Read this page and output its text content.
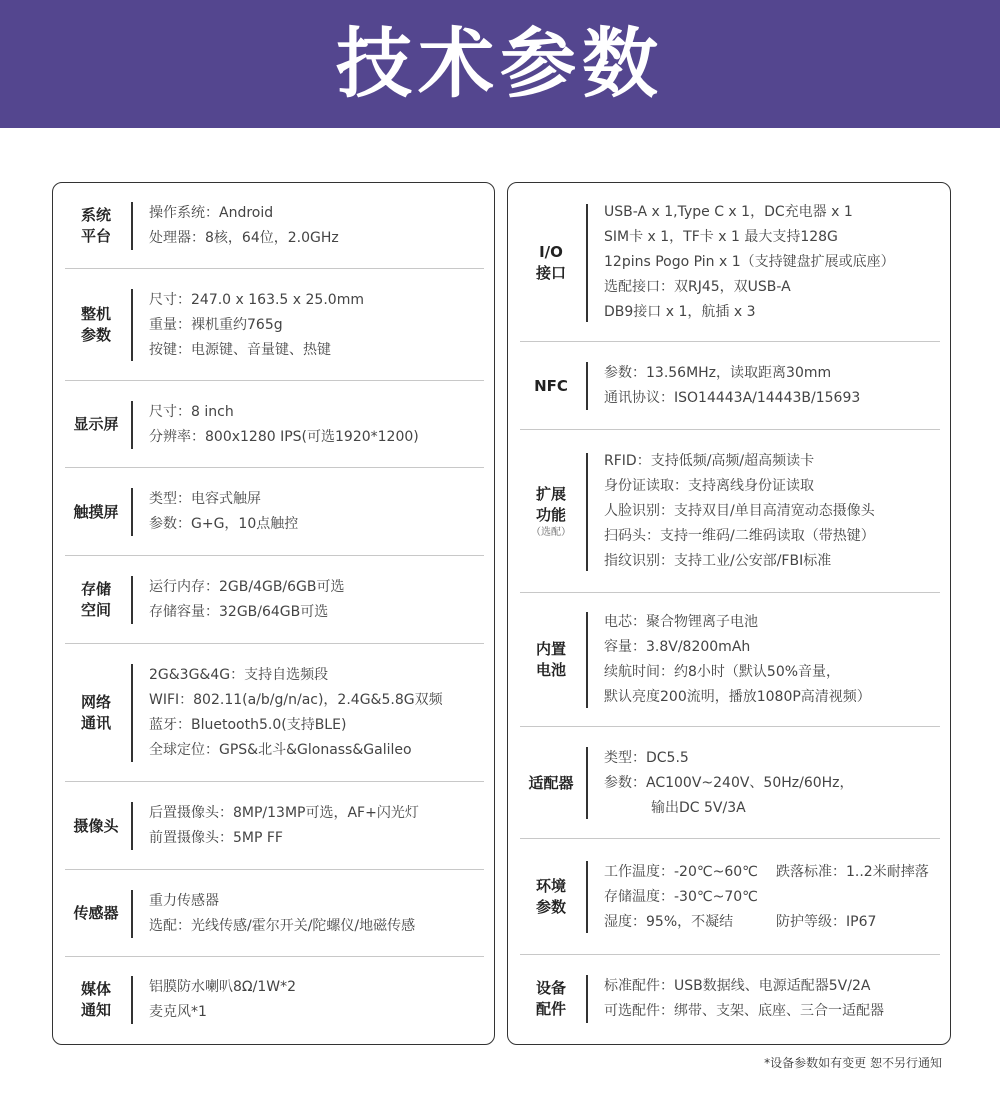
技术参数
系统
平台
操作系统：Android
处理器：8核，64位，2.0GHz
整机
参数
尺寸：247.0 x 163.5 x 25.0mm
重量：裸机重约765g
按键：电源键、音量键、热键
显示屏
尺寸：8 inch
分辨率：800x1280 IPS(可选1920*1200)
触摸屏
类型：电容式触屏
参数：G+G，10点触控
存储
空间
运行内存：2GB/4GB/6GB可选
存储容量：32GB/64GB可选
网络
通讯
2G&3G&4G：支持自选频段
WIFI：802.11(a/b/g/n/ac)，2.4G&5.8G双频
蓝牙：Bluetooth5.0(支持BLE)
全球定位：GPS&北斗&Glonass&Galileo
摄像头
后置摄像头：8MP/13MP可选，AF+闪光灯
前置摄像头：5MP FF
传感器
重力传感器
选配：光线传感/霍尔开关/陀螺仪/地磁传感
媒体
通知
铝膜防水喇叭8Ω/1W*2
麦克风*1
I/O
接口
USB-A x 1,Type C x 1，DC充电器 x 1
SIM卡 x 1，TF卡 x 1 最大支持128G
12pins Pogo Pin x 1（支持键盘扩展或底座）
选配接口：双RJ45，双USB-A
DB9接口 x 1，航插 x 3
NFC
参数：13.56MHz，读取距离30mm
通讯协议：ISO14443A/14443B/15693
扩展
功能
（选配）
RFID：支持低频/高频/超高频读卡
身份证读取：支持离线身份证读取
人脸识别：支持双目/单目高清宽动态摄像头
扫码头：支持一维码/二维码读取（带热键）
指纹识别：支持工业/公安部/FBI标准
内置
电池
电芯：聚合物锂离子电池
容量：3.8V/8200mAh
续航时间：约8小时（默认50%音量，
默认亮度200流明，播放1080P高清视频）
适配器
类型：DC5.5
参数：AC100V~240V、50Hz/60Hz，
输出DC 5V/3A
环境
参数
工作温度：-20℃~60℃	跌落标准：1..2米耐摔落
存储温度：-30℃~70℃
湿度：95%，不凝结	防护等级：IP67
设备
配件
标准配件：USB数据线、电源适配器5V/2A
可选配件：绑带、支架、底座、三合一适配器
*设备参数如有变更 恕不另行通知
